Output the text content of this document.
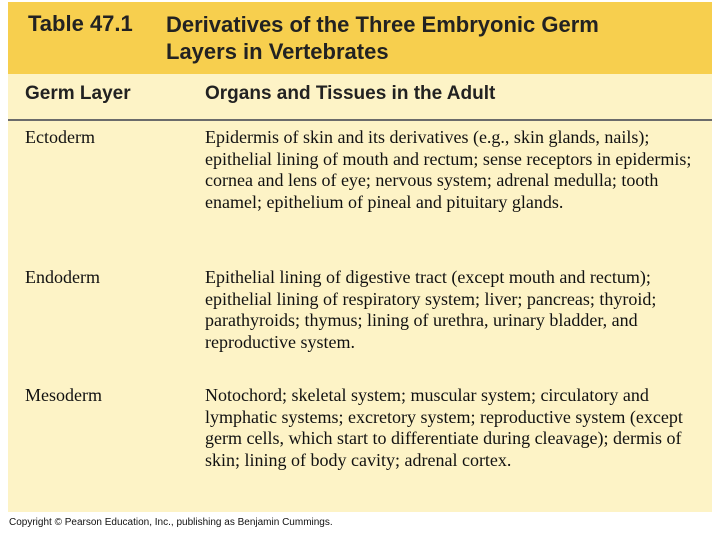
Table 47.1 Derivatives of the Three Embryonic Germ
Layers in Vertebrates
Germ Layer	Organs and Tissues in the Adult
Ectoderm	Epidermis of skin and its derivatives (e.g., skin glands, nails); epithelial lining of mouth and rectum; sense receptors in epidermis; cornea and lens of eye; nervous system; adrenal medulla; tooth enamel; epithelium of pineal and pituitary glands.
Endoderm	Epithelial lining of digestive tract (except mouth and rectum); epithelial lining of respiratory system; liver; pancreas; thyroid; parathyroids; thymus; lining of urethra, urinary bladder, and reproductive system.
Mesoderm	Notochord; skeletal system; muscular system; circulatory and lymphatic systems; excretory system; reproductive system (except germ cells, which start to differentiate during cleavage); dermis of skin; lining of body cavity; adrenal cortex.
Copyright © Pearson Education, Inc., publishing as Benjamin Cummings.
